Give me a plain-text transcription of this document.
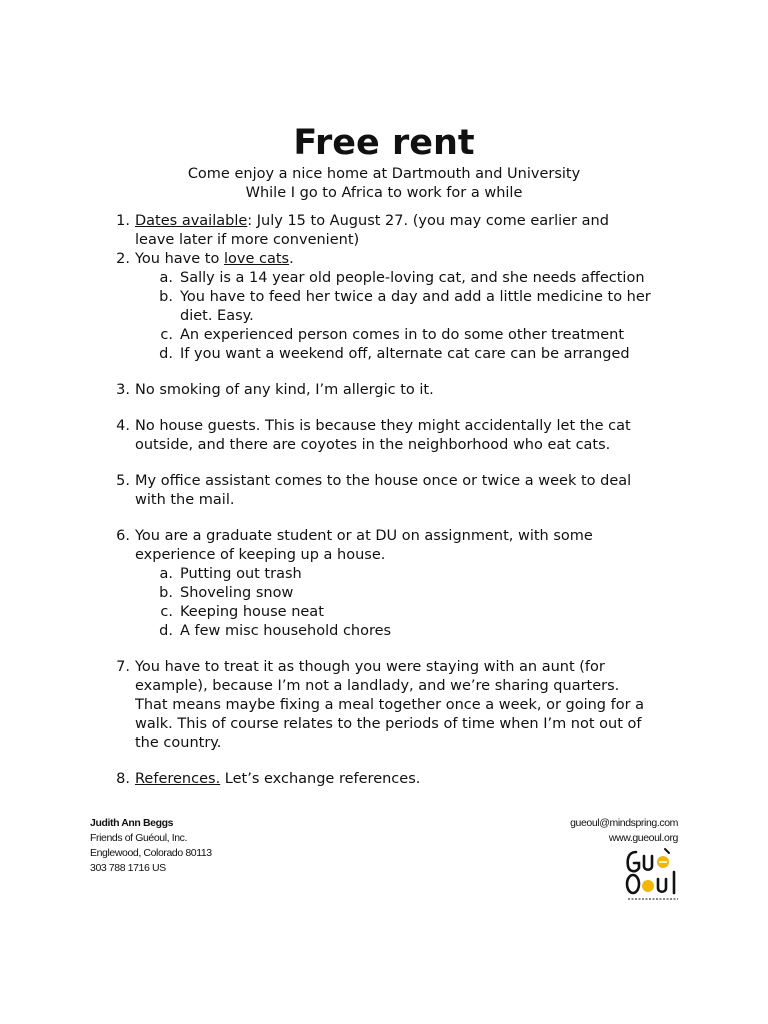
Free rent
Come enjoy a nice home at Dartmouth and University
While I go to Africa to work for a while
1. Dates available: July 15 to August 27. (you may come earlier and
leave later if more convenient)
2. You have to love cats.
a. Sally is a 14 year old people-loving cat, and she needs affection
b. You have to feed her twice a day and add a little medicine to her
diet. Easy.
c. An experienced person comes in to do some other treatment
d. If you want a weekend off, alternate cat care can be arranged
3. No smoking of any kind, I’m allergic to it.
4. No house guests. This is because they might accidentally let the cat
outside, and there are coyotes in the neighborhood who eat cats.
5. My office assistant comes to the house once or twice a week to deal
with the mail.
6. You are a graduate student or at DU on assignment, with some
experience of keeping up a house.
a. Putting out trash
b. Shoveling snow
c. Keeping house neat
d. A few misc household chores
7. You have to treat it as though you were staying with an aunt (for
example), because I’m not a landlady, and we’re sharing quarters.
That means maybe fixing a meal together once a week, or going for a
walk. This of course relates to the periods of time when I’m not out of
the country.
8. References. Let’s exchange references.
Judith Ann Beggs
Friends of Guéoul, Inc.
Englewood, Colorado 80113
303 788 1716 US
gueoul@mindspring.com
www.gueoul.org
